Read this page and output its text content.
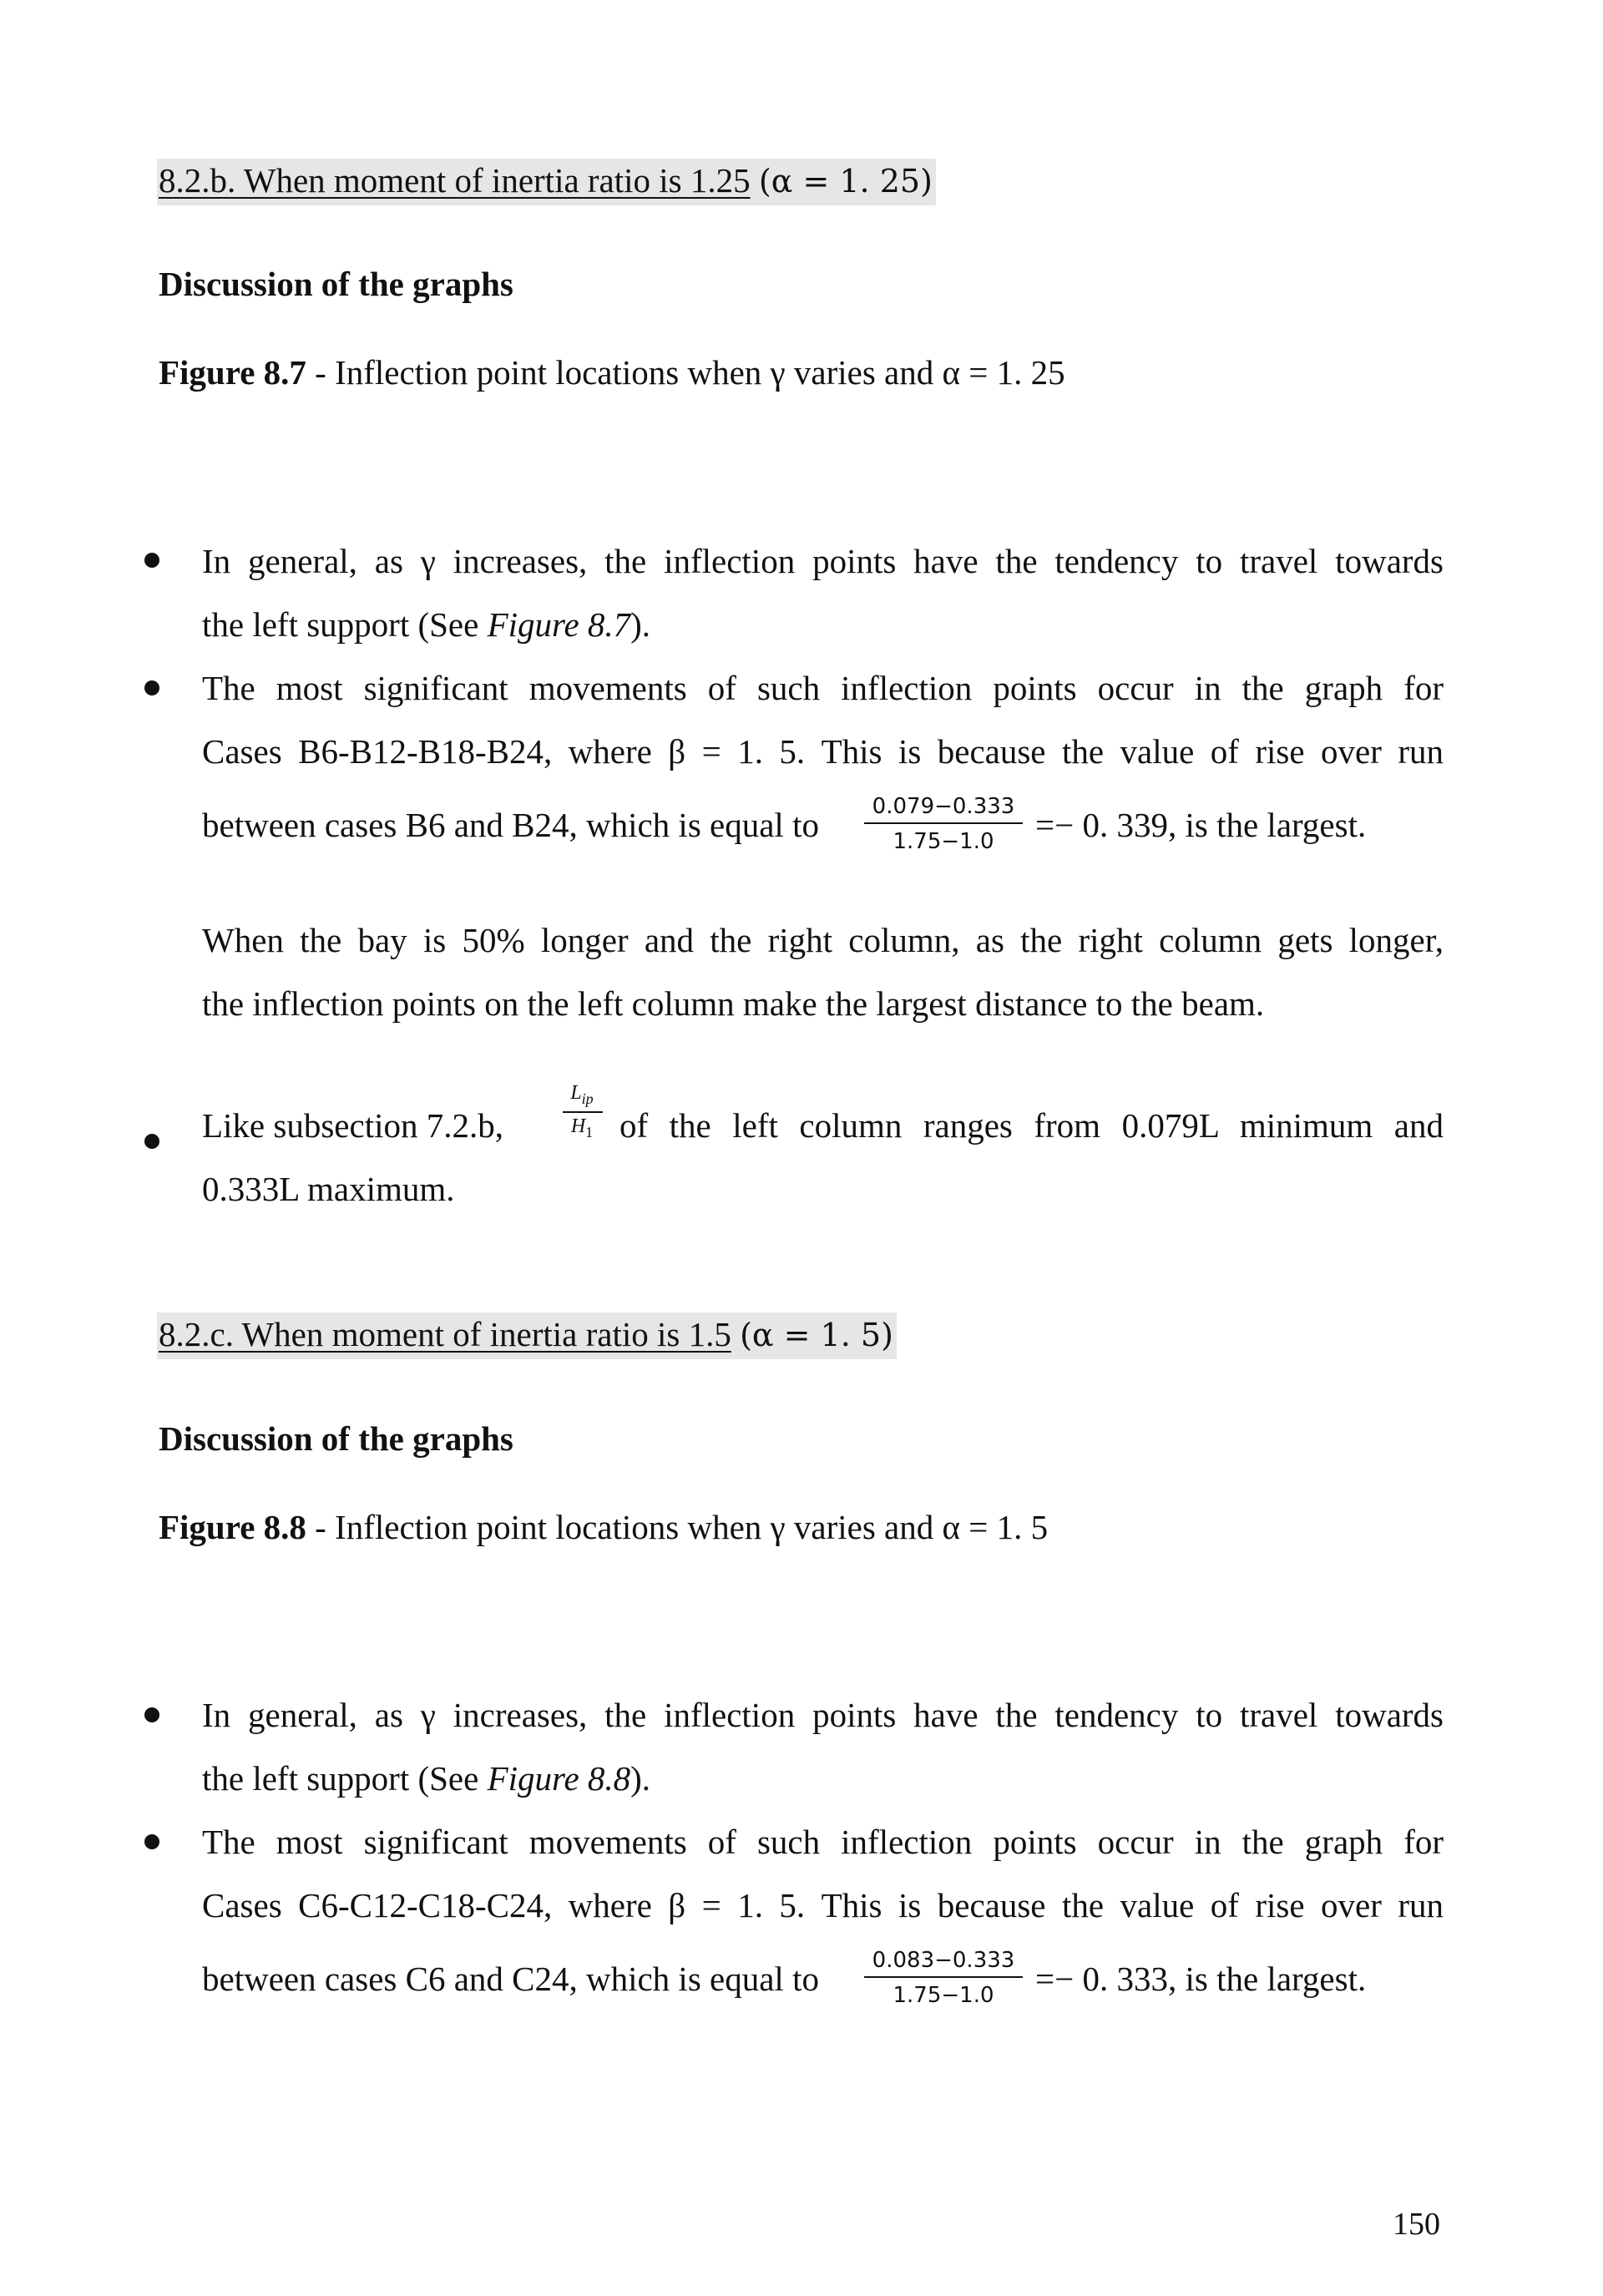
8.2.b. When moment of inertia ratio is 1.25 (α = 1. 25)
Discussion of the graphs
Figure 8.7 - Inflection point locations when γ varies and α = 1. 25
In general, as γ increases, the inflection points have the tendency to travel towards
the left support (See Figure 8.7).
The most significant movements of such inflection points occur in the graph for
Cases B6-B12-B18-B24, where β = 1. 5. This is because the value of rise over run
between cases B6 and B24, which is equal to	0.079−0.333
1.75−1.0	=− 0. 339, is the largest.
When the bay is 50% longer and the right column, as the right column gets longer,
the inflection points on the left column make the largest distance to the beam.
Like subsection 7.2.b,
$L_{ip}$
$H_1$ of the left column ranges from 0.079L minimum and
0.333L maximum.
8.2.c. When moment of inertia ratio is 1.5 (α = 1. 5)
Discussion of the graphs
Figure 8.8 - Inflection point locations when γ varies and α = 1. 5
In general, as γ increases, the inflection points have the tendency to travel towards
the left support (See Figure 8.8).
The most significant movements of such inflection points occur in the graph for
Cases C6-C12-C18-C24, where β = 1. 5. This is because the value of rise over run
between cases C6 and C24, which is equal to	0.083−0.333
1.75−1.0	=− 0. 333, is the largest.
150
